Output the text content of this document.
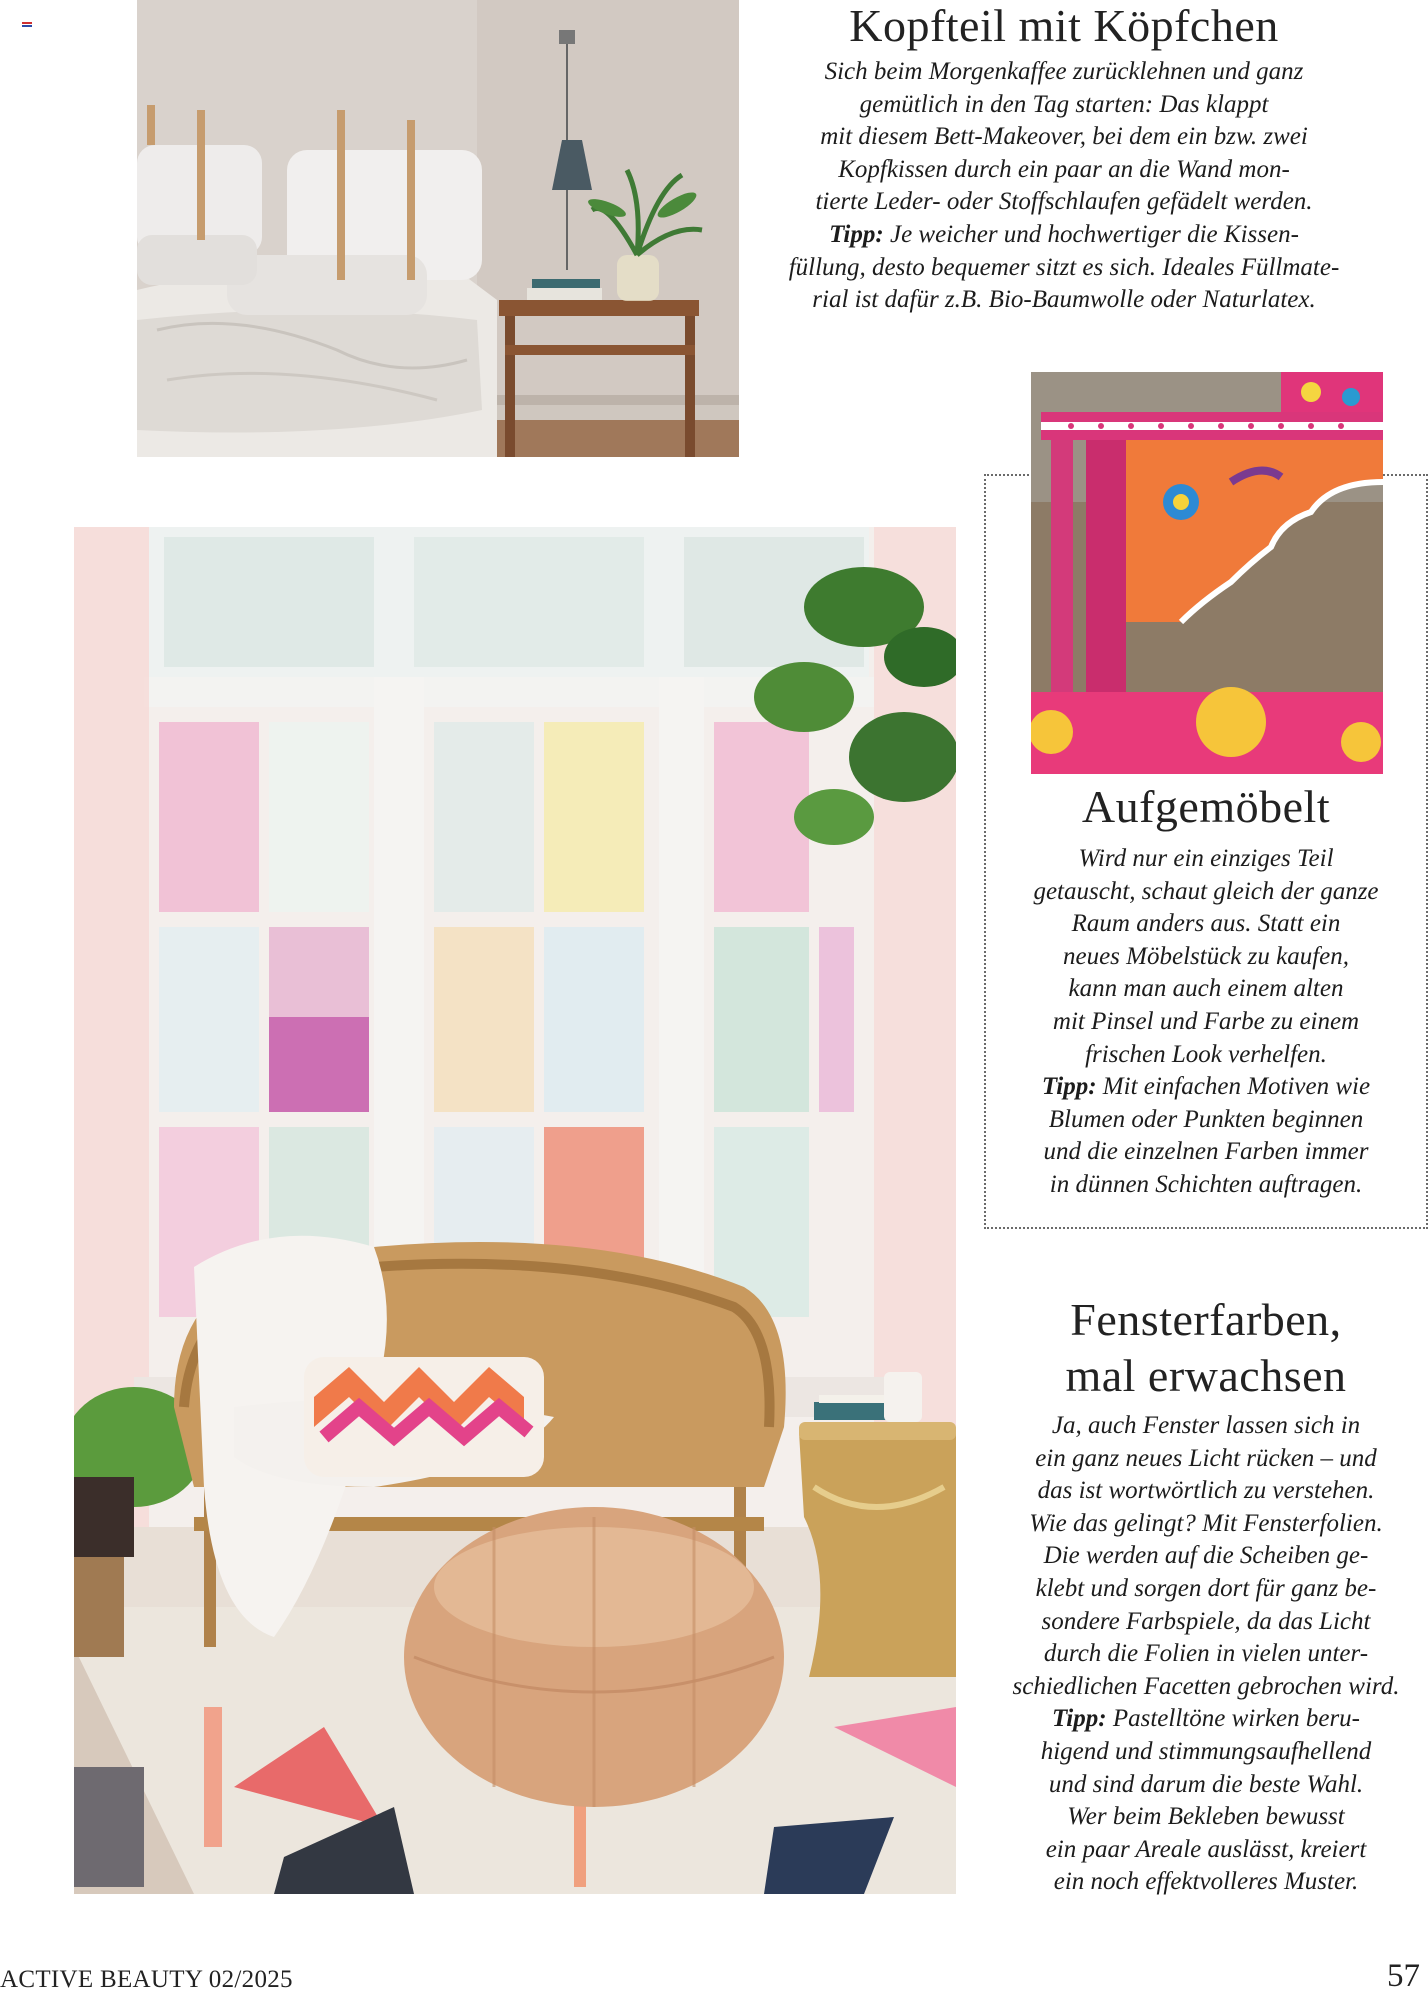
Kopfteil mit Köpfchen
Sich beim Morgenkaffee zurücklehnen und ganz
gemütlich in den Tag starten: Das klappt
mit diesem Bett-Makeover, bei dem ein bzw. zwei
Kopfkissen durch ein paar an die Wand mon-
tierte Leder- oder Stoffschlaufen gefädelt werden.
Tipp: Je weicher und hochwertiger die Kissen-
füllung, desto bequemer sitzt es sich. Ideales Füllmate-
rial ist dafür z.B. Bio-Baumwolle oder Naturlatex.
Aufgemöbelt
Wird nur ein einziges Teil
getauscht, schaut gleich der ganze
Raum anders aus. Statt ein
neues Möbelstück zu kaufen,
kann man auch einem alten
mit Pinsel und Farbe zu einem
frischen Look verhelfen.
Tipp: Mit einfachen Motiven wie
Blumen oder Punkten beginnen
und die einzelnen Farben immer
in dünnen Schichten auftragen.
Fensterfarben,
mal erwachsen
Ja, auch Fenster lassen sich in
ein ganz neues Licht rücken – und
das ist wortwörtlich zu verstehen.
Wie das gelingt? Mit Fensterfolien.
Die werden auf die Scheiben ge-
klebt und sorgen dort für ganz be-
sondere Farbspiele, da das Licht
durch die Folien in vielen unter-
schiedlichen Facetten gebrochen wird.
Tipp: Pastelltöne wirken beru-
higend und stimmungsaufhellend
und sind darum die beste Wahl.
Wer beim Bekleben bewusst
ein paar Areale auslässt, kreiert
ein noch effektvolleres Muster.
ACTIVE BEAUTY 02/2025	57
